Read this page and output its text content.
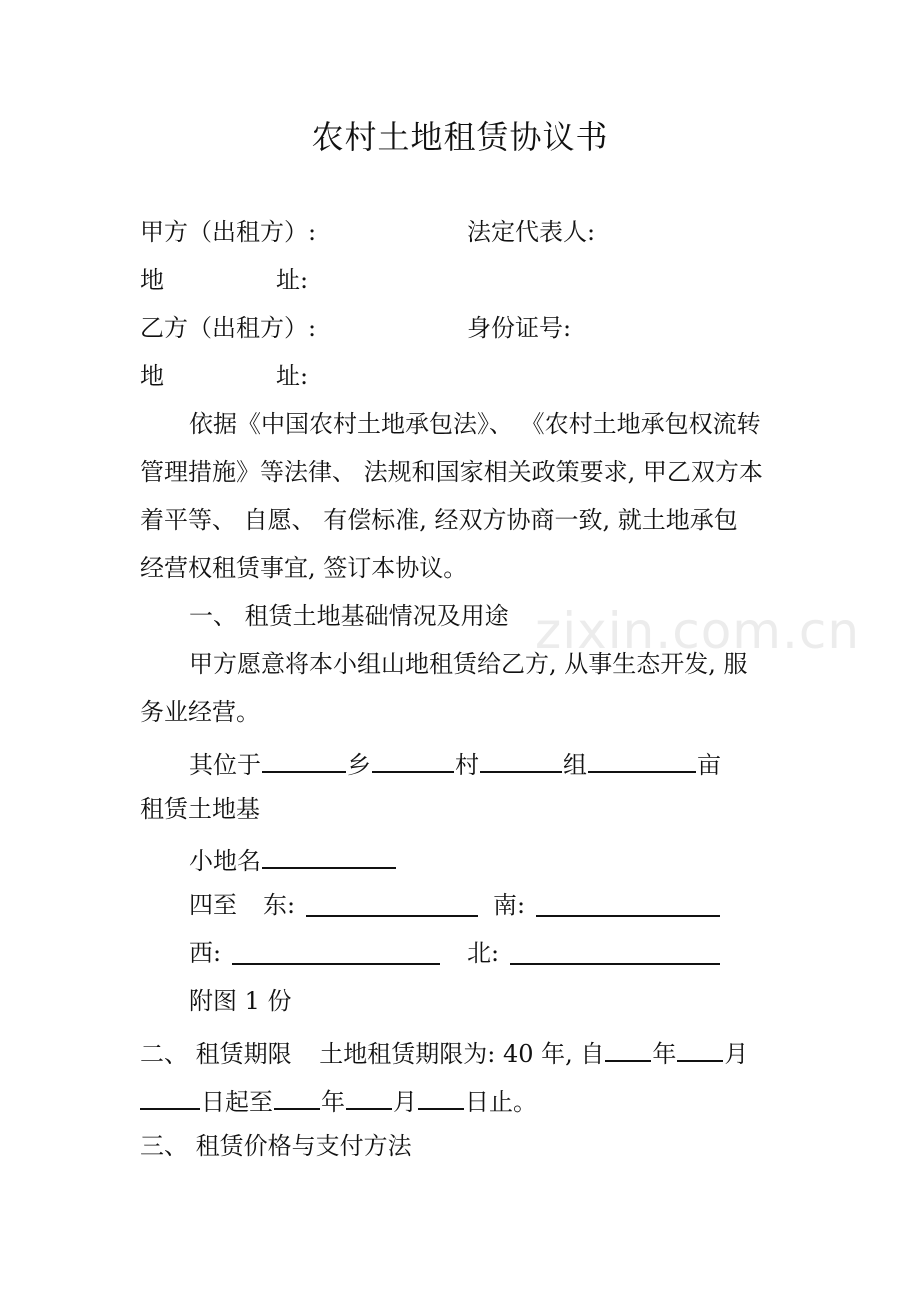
农村土地租赁协议书
甲方（出租方）:	法定代表人:
地	址:
乙方（出租方）:	身份证号:
地	址:
依据《中国农村土地承包法》、 《农村土地承包权流转
管理措施》等法律、 法规和国家相关政策要求, 甲乙双方本
着平等、 自愿、 有偿标准, 经双方协商一致, 就土地承包
经营权租赁事宜, 签订本协议。
zixin.com.cn
一、 租赁土地基础情况及用途
甲方愿意将本小组山地租赁给乙方, 从事生态开发, 服
务业经营。
其位于	乡	村	组	亩
租赁土地基
小地名
四至 东:	南:
西:	北:
附图 1 份
二、 租赁期限 土地租赁期限为: 40 年, 自 年 月
日起至 年 月 日止。
三、 租赁价格与支付方法
